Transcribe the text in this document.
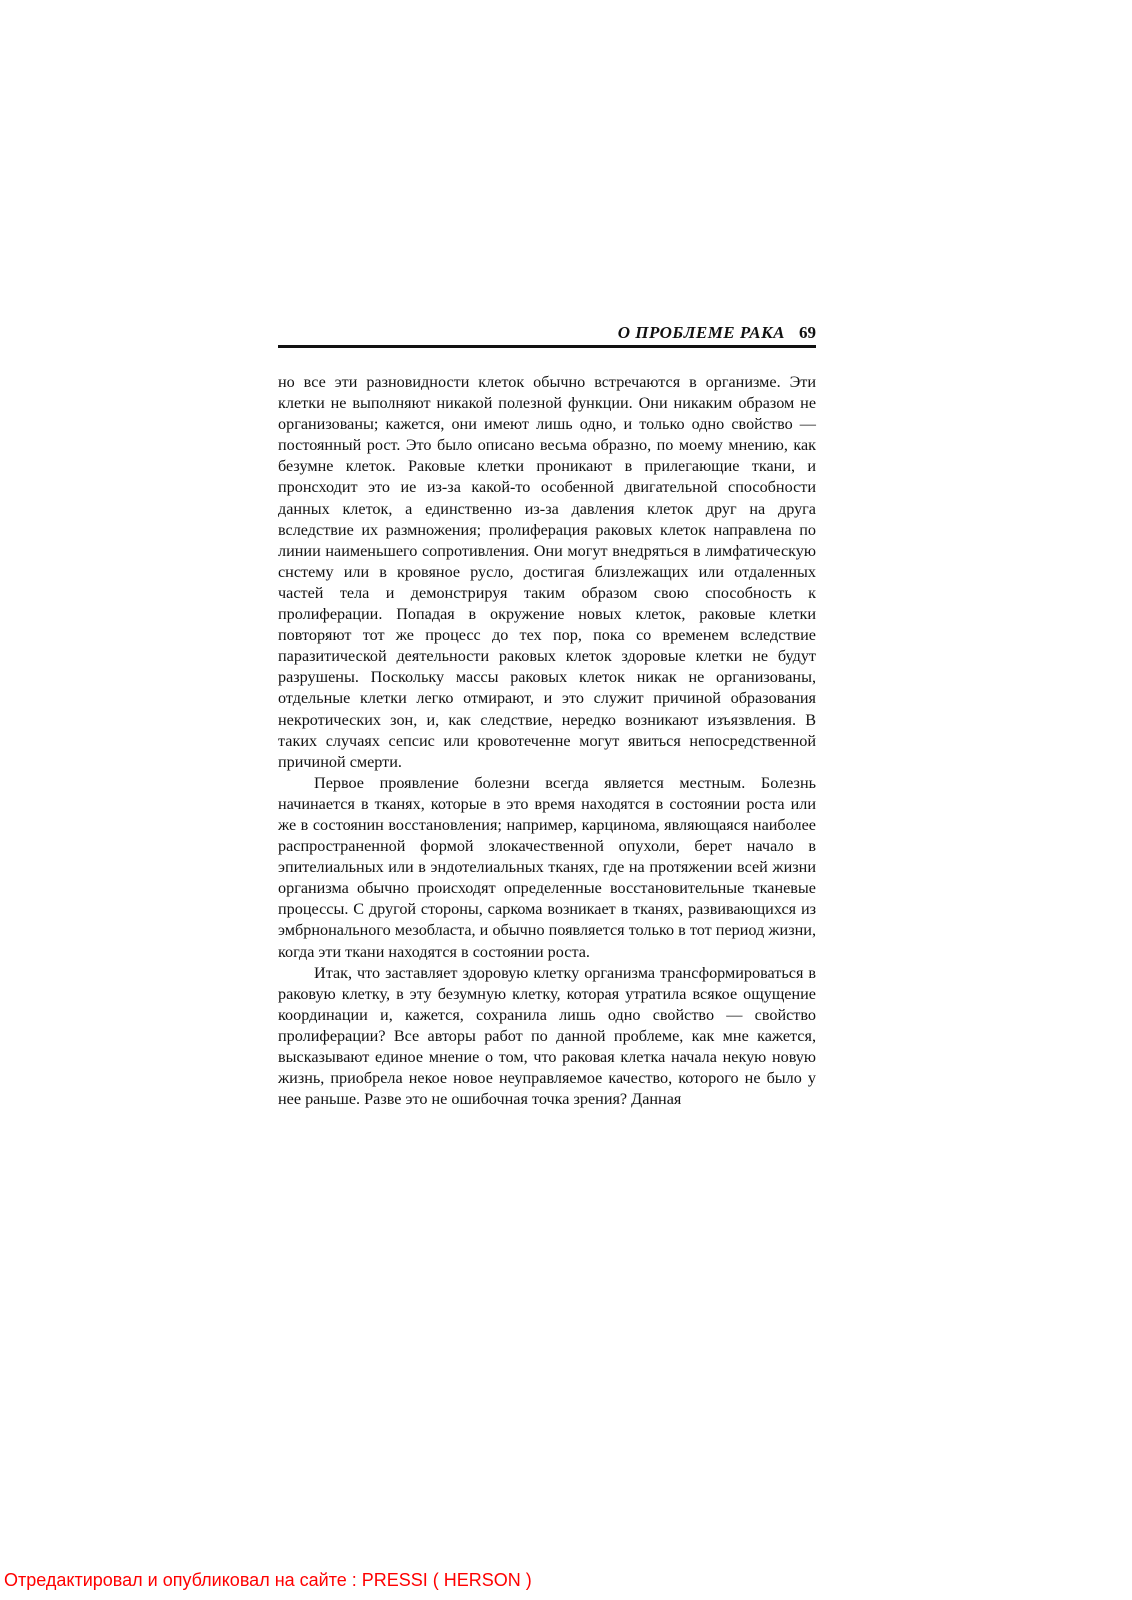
О ПРОБЛЕМЕ РАКА 69

но все эти разновидности клеток обычно встречаются в организме. Эти клетки не выполняют никакой полезной функции. Они никаким образом не организованы; кажется, они имеют лишь одно, и только одно свойство — постоянный рост. Это было описано весьма образно, по моему мнению, как безумне клеток. Раковые клетки проникают в прилегающие ткани, и пронсходит это ие из-за какой-то особенной двигательной способности данных клеток, а единственно из-за давления клеток друг на друга вследствие их размножения; пролиферация раковых клеток направлена по линии наименьшего сопротивления. Они могут внедряться в лимфатическую снстему или в кровяное русло, достигая близлежащих или отдаленных частей тела и демонстрируя таким образом свою способность к пролиферации. Попадая в окружение новых клеток, раковые клетки повторяют тот же процесс до тех пор, пока со временем вследствие паразитической деятельности раковых клеток здоровые клетки не будут разрушены. Поскольку массы раковых клеток никак не организованы, отдельные клетки легко отмирают, и это служит причиной образования некротических зон, и, как следствие, нередко возникают изъязвления. В таких случаях сепсис или кровотеченне могут явиться непосредственной причиной смерти.

Первое проявление болезни всегда является местным. Болезнь начинается в тканях, которые в это время находятся в состоянии роста или же в состоянин восстановления; например, карцинома, являющаяся наиболее распространенной формой злокачественной опухоли, берет начало в эпителиальных или в эндотелиальных тканях, где на протяжении всей жизни организма обычно происходят определенные восстановительные тканевые процессы. С другой стороны, саркома возникает в тканях, развивающихся из эмбрнонального мезобласта, и обычно появляется только в тот период жизни, когда эти ткани находятся в состоянии роста.

Итак, что заставляет здоровую клетку организма трансформироваться в раковую клетку, в эту безумную клетку, которая утратила всякое ощущение координации и, кажется, сохранила лишь одно свойство — свойство пролиферации? Все авторы работ по данной проблеме, как мне кажется, высказывают единое мнение о том, что раковая клетка начала некую новую жизнь, приобрела некое новое неуправляемое качество, которого не было у нее раньше. Разве это не ошибочная точка зрения? Данная

Отредактировал и опубликовал на сайте : PRESSI ( HERSON )
